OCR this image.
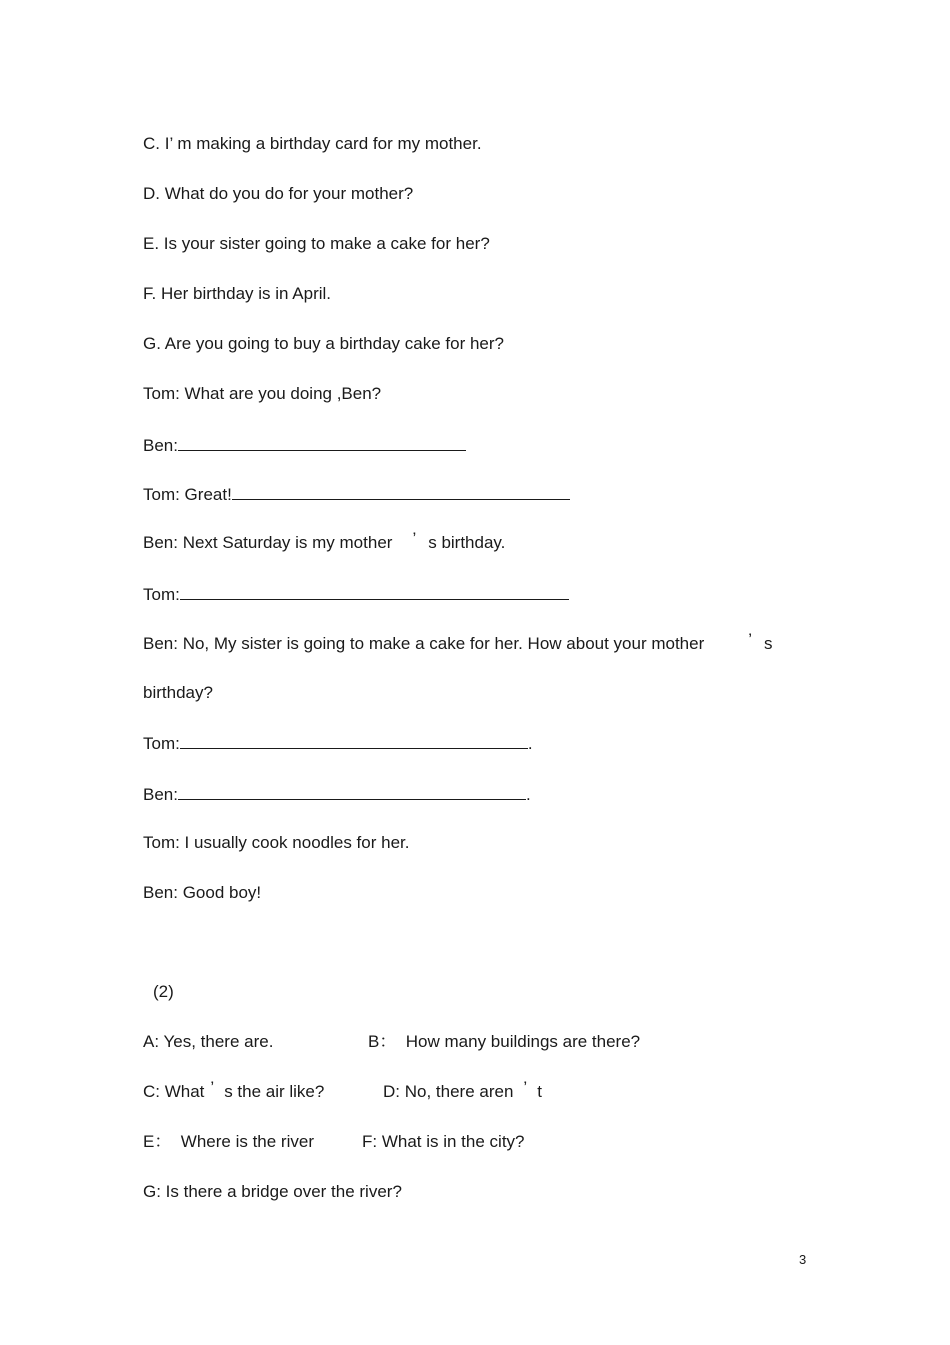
C. I’ m making a birthday card for my mother.
D. What do you do for your mother?
E. Is your sister going to make a cake for her?
F. Her birthday is in April.
G. Are you going to buy a birthday cake for her?
Tom: What are you doing ,Ben?
Ben:
Tom: Great!
Ben: Next Saturday is my mother ’ s birthday.
Tom:
Ben: No, My sister is going to make a cake for her. How about your mother	’ s
birthday?
Tom:	.
Ben:	.
Tom: I usually cook noodles for her.
Ben: Good boy!
(2)
A: Yes, there are.	B：  How many buildings are there?
C: What ’ s the air like?	D: No, there aren ’ t
E：  Where is the river	F: What is in the city?
G: Is there a bridge over the river?
3
